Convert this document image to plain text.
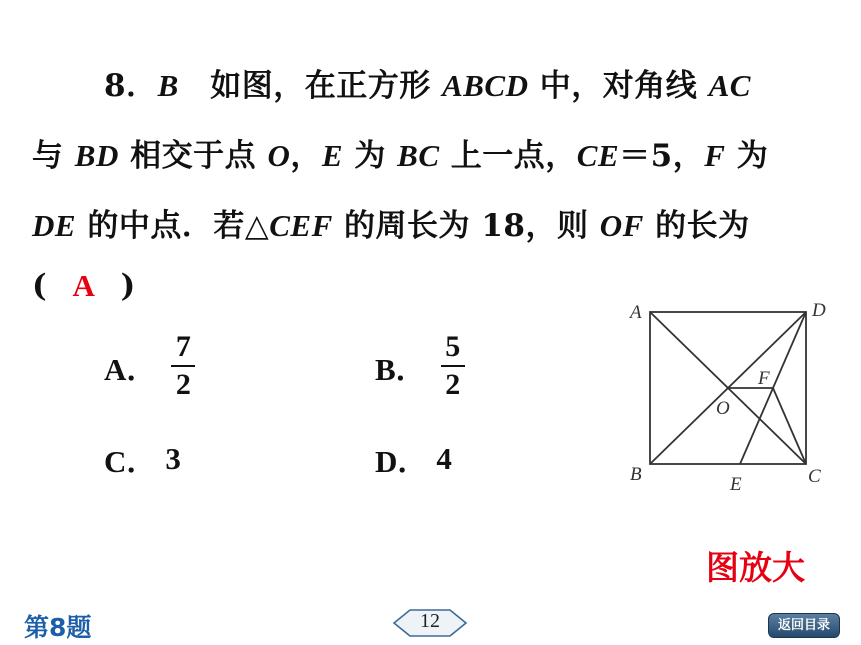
8．B　如图，在正方形 ABCD 中，对角线 AC
与 BD 相交于点 O，E 为 BC 上一点，CE＝5，F 为
DE 的中点．若△CEF 的周长为 18，则 OF 的长为
( A )
A． $\frac{7}{2}$	B． $\frac{5}{2}$
C． 3	D． 4
A	D
B	C
O
F
E
图放大
第8题	12	返回目录
